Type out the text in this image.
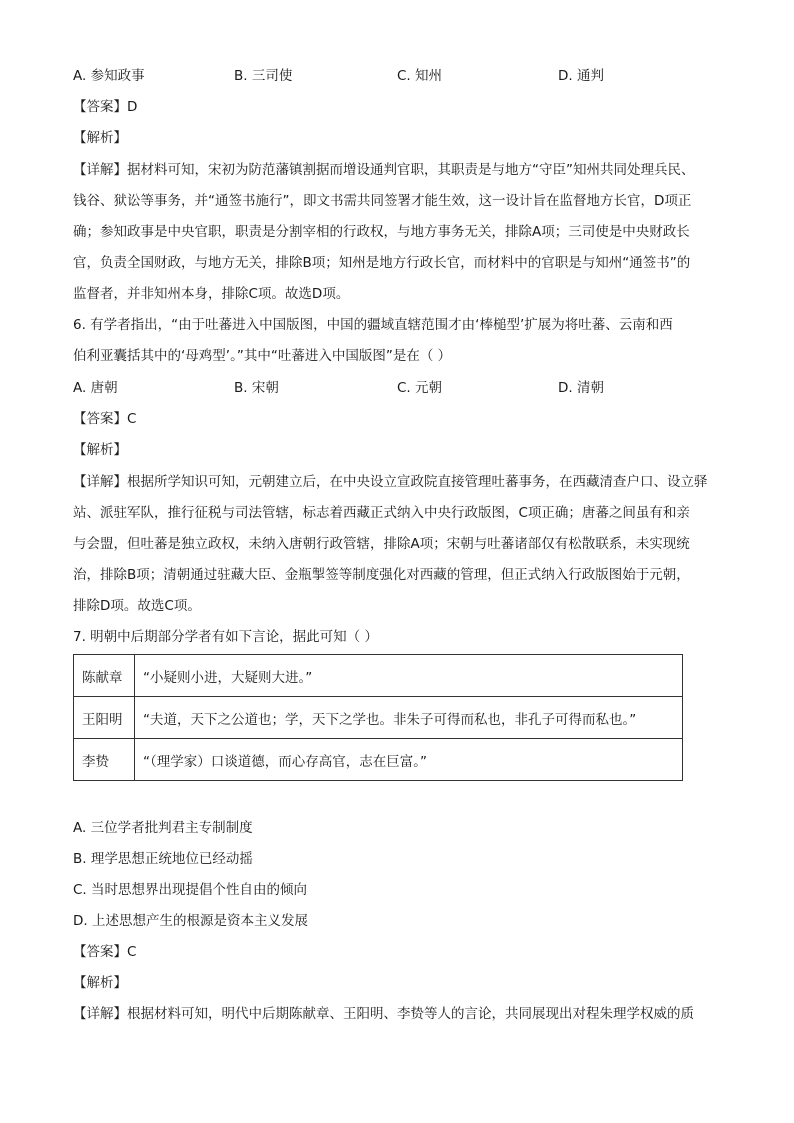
A. 参知政事	B. 三司使	C. 知州	D. 通判
【答案】D
【解析】
【详解】据材料可知，宋初为防范藩镇割据而增设通判官职，其职责是与地方“守臣”知州共同处理兵民、
钱谷、狱讼等事务，并“通签书施行”，即文书需共同签署才能生效，这一设计旨在监督地方长官，D项正
确；参知政事是中央官职，职责是分割宰相的行政权，与地方事务无关，排除A项；三司使是中央财政长
官，负责全国财政，与地方无关，排除B项；知州是地方行政长官，而材料中的官职是与知州“通签书”的
监督者，并非知州本身，排除C项。故选D项。
6. 有学者指出，“由于吐蕃进入中国版图，中国的疆域直辖范围才由‘棒槌型’扩展为将吐蕃、云南和西
伯利亚囊括其中的‘母鸡型’。”其中“吐蕃进入中国版图”是在（ ）
A. 唐朝	B. 宋朝	C. 元朝	D. 清朝
【答案】C
【解析】
【详解】根据所学知识可知，元朝建立后，在中央设立宣政院直接管理吐蕃事务，在西藏清查户口、设立驿
站、派驻军队，推行征税与司法管辖，标志着西藏正式纳入中央行政版图，C项正确；唐蕃之间虽有和亲
与会盟，但吐蕃是独立政权，未纳入唐朝行政管辖，排除A项；宋朝与吐蕃诸部仅有松散联系，未实现统
治，排除B项；清朝通过驻藏大臣、金瓶掣签等制度强化对西藏的管理，但正式纳入行政版图始于元朝，
排除D项。故选C项。
7. 明朝中后期部分学者有如下言论，据此可知（ ）
陈献章	“小疑则小进，大疑则大进。”
王阳明	“夫道，天下之公道也；学，天下之学也。非朱子可得而私也，非孔子可得而私也。”
李贽	“（理学家）口谈道德，而心存高官，志在巨富。”
A. 三位学者批判君主专制制度
B. 理学思想正统地位已经动摇
C. 当时思想界出现提倡个性自由的倾向
D. 上述思想产生的根源是资本主义发展
【答案】C
【解析】
【详解】根据材料可知，明代中后期陈献章、王阳明、李贽等人的言论，共同展现出对程朱理学权威的质
